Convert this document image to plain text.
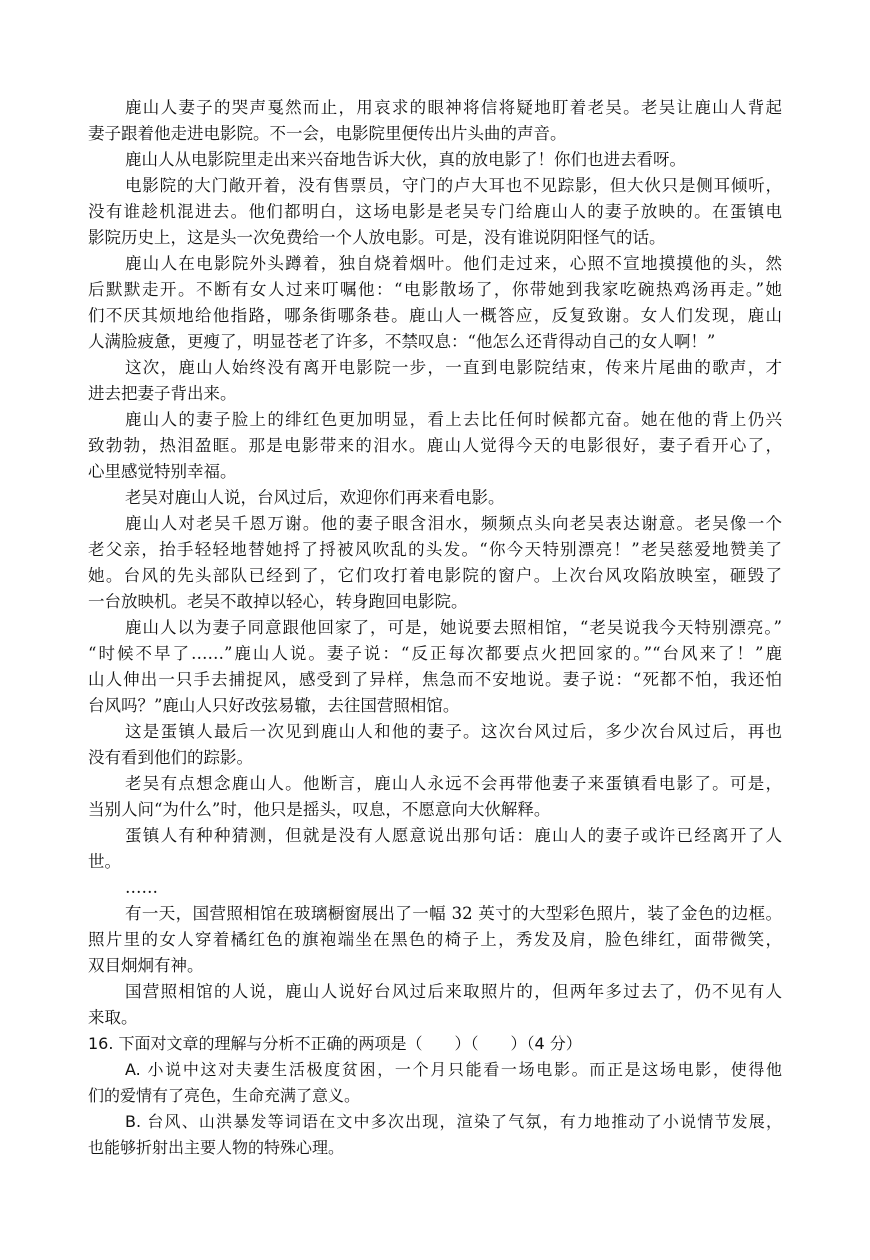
鹿山人妻子的哭声戛然而止，用哀求的眼神将信将疑地盯着老吴。老吴让鹿山人背起
妻子跟着他走进电影院。不一会，电影院里便传出片头曲的声音。
鹿山人从电影院里走出来兴奋地告诉大伙，真的放电影了！你们也进去看呀。
电影院的大门敞开着，没有售票员，守门的卢大耳也不见踪影，但大伙只是侧耳倾听，
没有谁趁机混进去。他们都明白，这场电影是老吴专门给鹿山人的妻子放映的。在蛋镇电
影院历史上，这是头一次免费给一个人放电影。可是，没有谁说阴阳怪气的话。
鹿山人在电影院外头蹲着，独自烧着烟叶。他们走过来，心照不宣地摸摸他的头，然
后默默走开。不断有女人过来叮嘱他：“电影散场了，你带她到我家吃碗热鸡汤再走。”她
们不厌其烦地给他指路，哪条街哪条巷。鹿山人一概答应，反复致谢。女人们发现，鹿山
人满脸疲惫，更瘦了，明显苍老了许多，不禁叹息：“他怎么还背得动自己的女人啊！”
这次，鹿山人始终没有离开电影院一步，一直到电影院结束，传来片尾曲的歌声，才
进去把妻子背出来。
鹿山人的妻子脸上的绯红色更加明显，看上去比任何时候都亢奋。她在他的背上仍兴
致勃勃，热泪盈眶。那是电影带来的泪水。鹿山人觉得今天的电影很好，妻子看开心了，
心里感觉特别幸福。
老吴对鹿山人说，台风过后，欢迎你们再来看电影。
鹿山人对老吴千恩万谢。他的妻子眼含泪水，频频点头向老吴表达谢意。老吴像一个
老父亲，抬手轻轻地替她捋了捋被风吹乱的头发。“你今天特别漂亮！”老吴慈爱地赞美了
她。台风的先头部队已经到了，它们攻打着电影院的窗户。上次台风攻陷放映室，砸毁了
一台放映机。老吴不敢掉以轻心，转身跑回电影院。
鹿山人以为妻子同意跟他回家了，可是，她说要去照相馆，“老吴说我今天特别漂亮。”
“时候不早了……”鹿山人说。妻子说：“反正每次都要点火把回家的。”“台风来了！”鹿
山人伸出一只手去捕捉风，感受到了异样，焦急而不安地说。妻子说：“死都不怕，我还怕
台风吗？”鹿山人只好改弦易辙，去往国营照相馆。
这是蛋镇人最后一次见到鹿山人和他的妻子。这次台风过后，多少次台风过后，再也
没有看到他们的踪影。
老吴有点想念鹿山人。他断言，鹿山人永远不会再带他妻子来蛋镇看电影了。可是，
当别人问“为什么”时，他只是摇头，叹息，不愿意向大伙解释。
蛋镇人有种种猜测，但就是没有人愿意说出那句话：鹿山人的妻子或许已经离开了人
世。
……
有一天，国营照相馆在玻璃橱窗展出了一幅 32 英寸的大型彩色照片，装了金色的边框。
照片里的女人穿着橘红色的旗袍端坐在黑色的椅子上，秀发及肩，脸色绯红，面带微笑，
双目炯炯有神。
国营照相馆的人说，鹿山人说好台风过后来取照片的，但两年多过去了，仍不见有人
来取。
16. 下面对文章的理解与分析不正确的两项是（　　）（　　）（4 分）
A. 小说中这对夫妻生活极度贫困，一个月只能看一场电影。而正是这场电影，使得他
们的爱情有了亮色，生命充满了意义。
B. 台风、山洪暴发等词语在文中多次出现，渲染了气氛，有力地推动了小说情节发展，
也能够折射出主要人物的特殊心理。
